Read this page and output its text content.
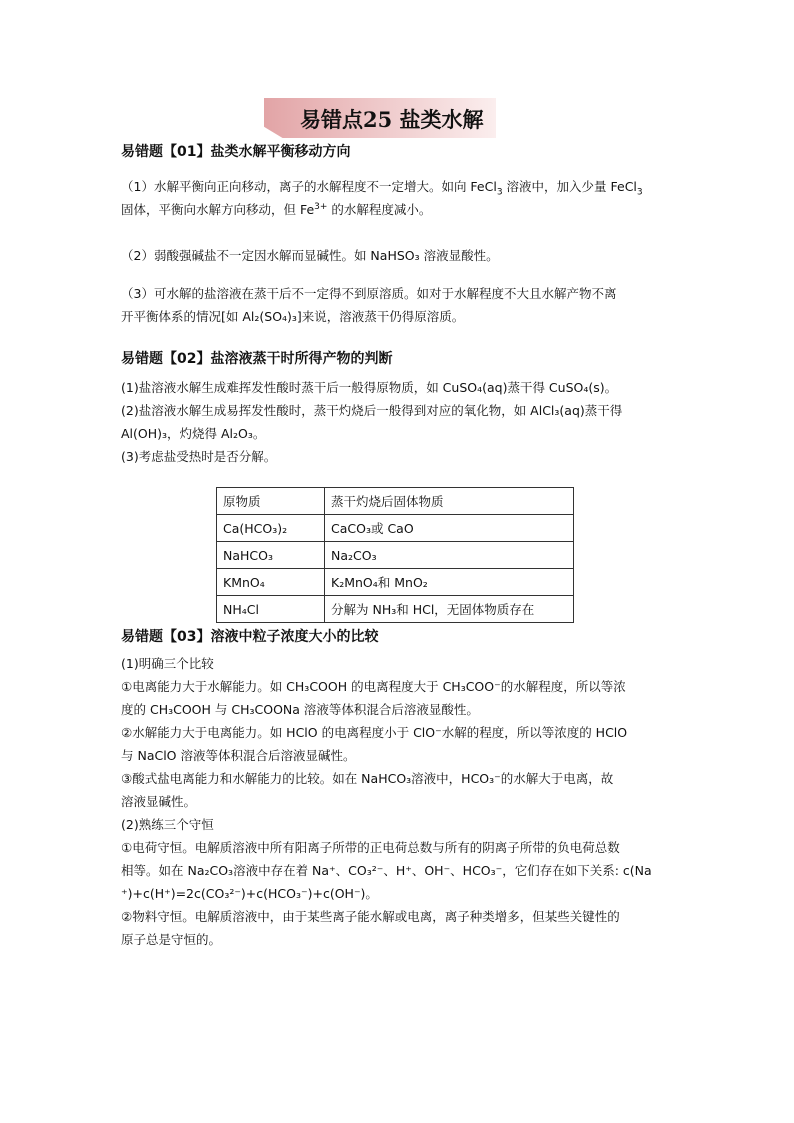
易错点25 盐类水解

易错题【01】盐类水解平衡移动方向

（1）水解平衡向正向移动，离子的水解程度不一定增大。如向 FeCl$_3$ 溶液中，加入少量 FeCl$_3$

固体，平衡向水解方向移动，但 $Fe^{3+}$ 的水解程度减小。

（2）弱酸强碱盐不一定因水解而显碱性。如 NaHSO₃ 溶液显酸性。

（3）可水解的盐溶液在蒸干后不一定得不到原溶质。如对于水解程度不大且水解产物不离

开平衡体系的情况[如 Al₂(SO₄)₃]来说，溶液蒸干仍得原溶质。

易错题【02】盐溶液蒸干时所得产物的判断

(1)盐溶液水解生成难挥发性酸时蒸干后一般得原物质，如 CuSO₄(aq)蒸干得 CuSO₄(s)。

(2)盐溶液水解生成易挥发性酸时，蒸干灼烧后一般得到对应的氧化物，如 AlCl₃(aq)蒸干得

Al(OH)₃，灼烧得 Al₂O₃。

(3)考虑盐受热时是否分解。

原物质	蒸干灼烧后固体物质
Ca(HCO₃)₂	CaCO₃或 CaO
NaHCO₃	Na₂CO₃
KMnO₄	K₂MnO₄和 MnO₂
NH₄Cl	分解为 NH₃和 HCl，无固体物质存在

易错题【03】溶液中粒子浓度大小的比较

(1)明确三个比较

①电离能力大于水解能力。如 CH₃COOH 的电离程度大于 CH₃COO⁻的水解程度，所以等浓

度的 CH₃COOH 与 CH₃COONa 溶液等体积混合后溶液显酸性。

②水解能力大于电离能力。如 HClO 的电离程度小于 ClO⁻水解的程度，所以等浓度的 HClO

与 NaClO 溶液等体积混合后溶液显碱性。

③酸式盐电离能力和水解能力的比较。如在 NaHCO₃溶液中，HCO₃⁻的水解大于电离，故

溶液显碱性。

(2)熟练三个守恒

①电荷守恒。电解质溶液中所有阳离子所带的正电荷总数与所有的阴离子所带的负电荷总数

相等。如在 Na₂CO₃溶液中存在着 Na⁺、CO₃²⁻、H⁺、OH⁻、HCO₃⁻，它们存在如下关系: c(Na

⁺)+c(H⁺)=2c(CO₃²⁻)+c(HCO₃⁻)+c(OH⁻)。

②物料守恒。电解质溶液中，由于某些离子能水解或电离，离子种类增多，但某些关键性的

原子总是守恒的。
